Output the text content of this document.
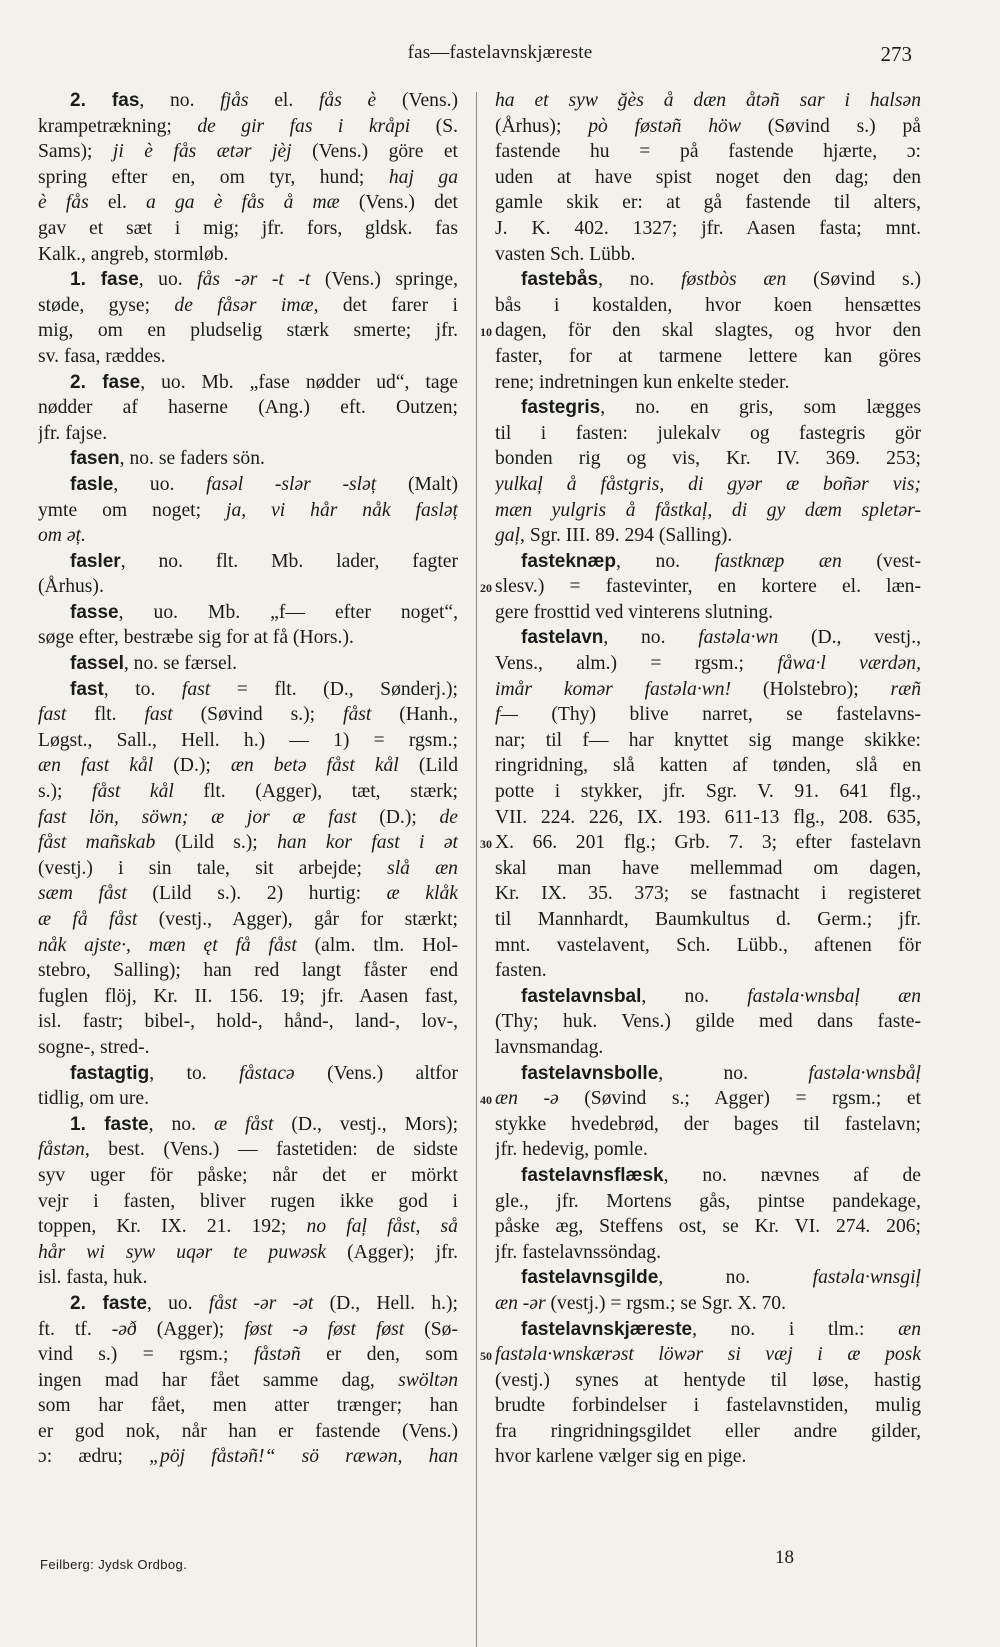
fas—fastelavnskjæreste	273
2. fas, no. fjås el. fås è (Vens.)
krampetrækning; de gir fas i kråpi (S.
Sams); ji è fås ætər jèj (Vens.) göre et
spring efter en, om tyr, hund; haj ga
è fås el. a ga è fås å mæ (Vens.) det
gav et sæt i mig; jfr. fors, gldsk. fas
Kalk., angreb, stormløb.
1. fase, uo. fås -ər -t -t (Vens.) springe,
støde, gyse; de fåsər imæ, det farer i
mig, om en pludselig stærk smerte; jfr.
sv. fasa, ræddes.
2. fase, uo. Mb. „fase nødder ud“, tage
nødder af haserne (Ang.) eft. Outzen;
jfr. fajse.
fasen, no. se faders sön.
fasle, uo. fasəl -slər -sləț (Malt)
ymte om noget; ja, vi hår nåk fasləț
om əț.
fasler, no. flt. Mb. lader, fagter
(Århus).
fasse, uo. Mb. „f— efter noget“,
søge efter, bestræbe sig for at få (Hors.).
fassel, no. se færsel.
fast, to. fast = flt. (D., Sønderj.);
fast flt. fast (Søvind s.); fåst (Hanh.,
Løgst., Sall., Hell. h.) — 1) = rgsm.;
æn fast kål (D.); æn betə fåst kål (Lild
s.); fåst kål flt. (Agger), tæt, stærk;
fast lön, söwn; æ jor æ fast (D.); de
fåst mañskab (Lild s.); han kor fast i ət
(vestj.) i sin tale, sit arbejde; slå æn
sæm fåst (Lild s.). 2) hurtig: æ klåk
æ få fåst (vestj., Agger), går for stærkt;
nåk ajste·, mæn ęt få fåst (alm. tlm. Hol-
stebro, Salling); han red langt fåster end
fuglen flöj, Kr. II. 156. 19; jfr. Aasen fast,
isl. fastr; bibel-, hold-, hånd-, land-, lov-,
sogne-, stred-.
fastagtig, to. fåstacə (Vens.) altfor
tidlig, om ure.
1. faste, no. æ fåst (D., vestj., Mors);
fåstən, best. (Vens.) — fastetiden: de sidste
syv uger för påske; når det er mörkt
vejr i fasten, bliver rugen ikke god i
toppen, Kr. IX. 21. 192; no faļ fåst, så
hår wi syw uqər te puwəsk (Agger); jfr.
isl. fasta, huk.
2. faste, uo. fåst -ər -ət (D., Hell. h.);
ft. tf. -əð (Agger); føst -ə føst føst (Sø-
vind s.) = rgsm.; fåstəñ er den, som
ingen mad har fået samme dag, swöltən
som har fået, men atter trænger; han
er god nok, når han er fastende (Vens.)
ɔ: ædru; „pöj fåstəñ!“ sö ræwən, han
ha et syw ğès å dæn åtəñ sar i halsən
(Århus); pò føstəñ höw (Søvind s.) på
fastende hu = på fastende hjærte, ɔ:
uden at have spist noget den dag; den
gamle skik er: at gå fastende til alters,
J. K. 402. 1327; jfr. Aasen fasta; mnt.
vasten Sch. Lübb.
fastebås, no. føstbòs æn (Søvind s.)
bås i kostalden, hvor koen hensættes
dagen, för den skal slagtes, og hvor den
faster, for at tarmene lettere kan göres
rene; indretningen kun enkelte steder.
fastegris, no. en gris, som lægges
til i fasten: julekalv og fastegris gör
bonden rig og vis, Kr. IV. 369. 253;
yulkaļ å fåstgris, di gyər æ boñər vis;
mæn yulgris å fåstkaļ, di gy dæm spletər-
gaļ, Sgr. III. 89. 294 (Salling).
fasteknæp, no. fastknæp æn (vest-
slesv.) = fastevinter, en kortere el. læn-
gere frosttid ved vinterens slutning.
fastelavn, no. fastəla·wn (D., vestj.,
Vens., alm.) = rgsm.; fåwa·l værdən,
imår komər fastəla·wn! (Holstebro); ræñ
f— (Thy) blive narret, se fastelavns-
nar; til f— har knyttet sig mange skikke:
ringridning, slå katten af tønden, slå en
potte i stykker, jfr. Sgr. V. 91. 641 flg.,
VII. 224. 226, IX. 193. 611-13 flg., 208. 635,
X. 66. 201 flg.; Grb. 7. 3; efter fastelavn
skal man have mellemmad om dagen,
Kr. IX. 35. 373; se fastnacht i registeret
til Mannhardt, Baumkultus d. Germ.; jfr.
mnt. vastelavent, Sch. Lübb., aftenen för
fasten.
fastelavnsbal, no. fastəla·wnsbaļ æn
(Thy; huk. Vens.) gilde med dans faste-
lavnsmandag.
fastelavnsbolle, no. fastəla·wnsbåļ
æn -ə (Søvind s.; Agger) = rgsm.; et
stykke hvedebrød, der bages til fastelavn;
jfr. hedevig, pomle.
fastelavnsflæsk, no. nævnes af de
gle., jfr. Mortens gås, pintse pandekage,
påske æg, Steffens ost, se Kr. VI. 274. 206;
jfr. fastelavnssöndag.
fastelavnsgilde, no. fastəla·wnsgiļ
æn -ər (vestj.) = rgsm.; se Sgr. X. 70.
fastelavnskjæreste, no. i tlm.: æn
fastəla·wnskærəst löwər si væj i æ posk
(vestj.) synes at hentyde til løse, hastig
brudte forbindelser i fastelavnstiden, mulig
fra ringridningsgildet eller andre gilder,
hvor karlene vælger sig en pige.
10
20
30
40
50
Feilberg: Jydsk Ordbog.	18
